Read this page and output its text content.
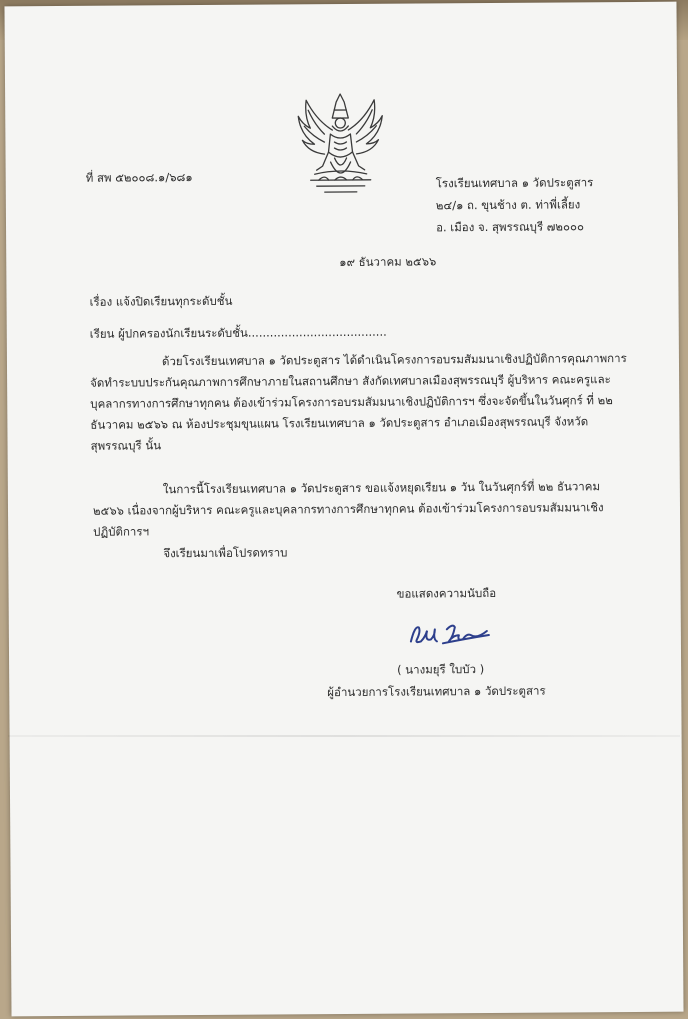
ที่ สพ ๕๒๐๐๘.๑/๖๘๑	โรงเรียนเทศบาล ๑ วัดประตูสาร
๒๔/๑ ถ. ขุนช้าง ต. ท่าพี่เลี้ยง
อ. เมือง จ. สุพรรณบุรี ๗๒๐๐๐
๑๙ ธันวาคม ๒๕๖๖
เรื่อง แจ้งปิดเรียนทุกระดับชั้น
เรียน ผู้ปกครองนักเรียนระดับชั้น......................................
ด้วยโรงเรียนเทศบาล ๑ วัดประตูสาร ได้ดำเนินโครงการอบรมสัมมนาเชิงปฏิบัติการคุณภาพการ
จัดทำระบบประกันคุณภาพการศึกษาภายในสถานศึกษา สังกัดเทศบาลเมืองสุพรรณบุรี ผู้บริหาร คณะครูและ
บุคลากรทางการศึกษาทุกคน ต้องเข้าร่วมโครงการอบรมสัมมนาเชิงปฏิบัติการฯ ซึ่งจะจัดขึ้นในวันศุกร์ ที่ ๒๒
ธันวาคม ๒๕๖๖ ณ ห้องประชุมขุนแผน โรงเรียนเทศบาล ๑ วัดประตูสาร อำเภอเมืองสุพรรณบุรี จังหวัด
สุพรรณบุรี นั้น
ในการนี้โรงเรียนเทศบาล ๑ วัดประตูสาร ขอแจ้งหยุดเรียน ๑ วัน ในวันศุกร์ที่ ๒๒ ธันวาคม
๒๕๖๖ เนื่องจากผู้บริหาร คณะครูและบุคลากรทางการศึกษาทุกคน ต้องเข้าร่วมโครงการอบรมสัมมนาเชิง
ปฏิบัติการฯ
จึงเรียนมาเพื่อโปรดทราบ
ขอแสดงความนับถือ
( นางมยุรี ใบบัว )
ผู้อำนวยการโรงเรียนเทศบาล ๑ วัดประตูสาร
